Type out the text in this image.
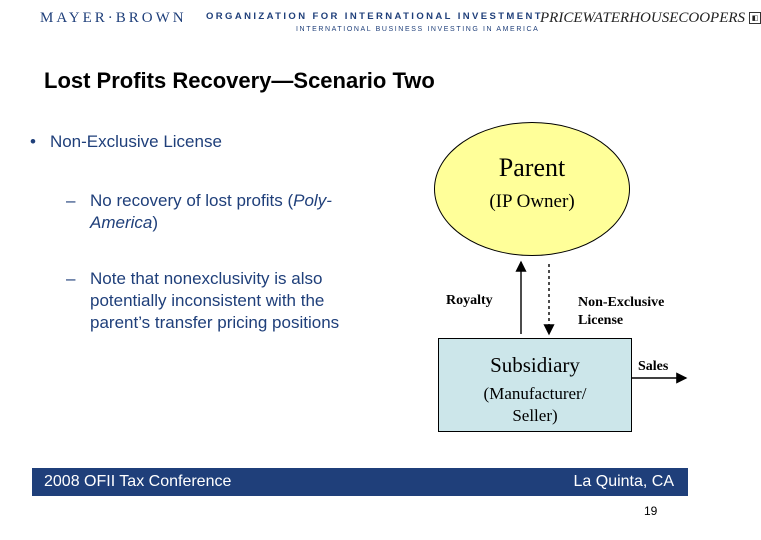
MAYER·BROWN ORGANIZATION FOR INTERNATIONAL INVESTMENT
INTERNATIONAL BUSINESS INVESTING IN AMERICA
PRICEWATERHOUSECOOPERS ◧
Lost Profits Recovery—Scenario Two
• Non-Exclusive License
– No recovery of lost profits (Poly-America)
– Note that nonexclusivity is also potentially inconsistent with the parent’s transfer pricing positions
Parent
(IP Owner)
Royalty	Non-Exclusive
License
Subsidiary
(Manufacturer/
Seller)
Sales
2008 OFII Tax Conference	La Quinta, CA
19
